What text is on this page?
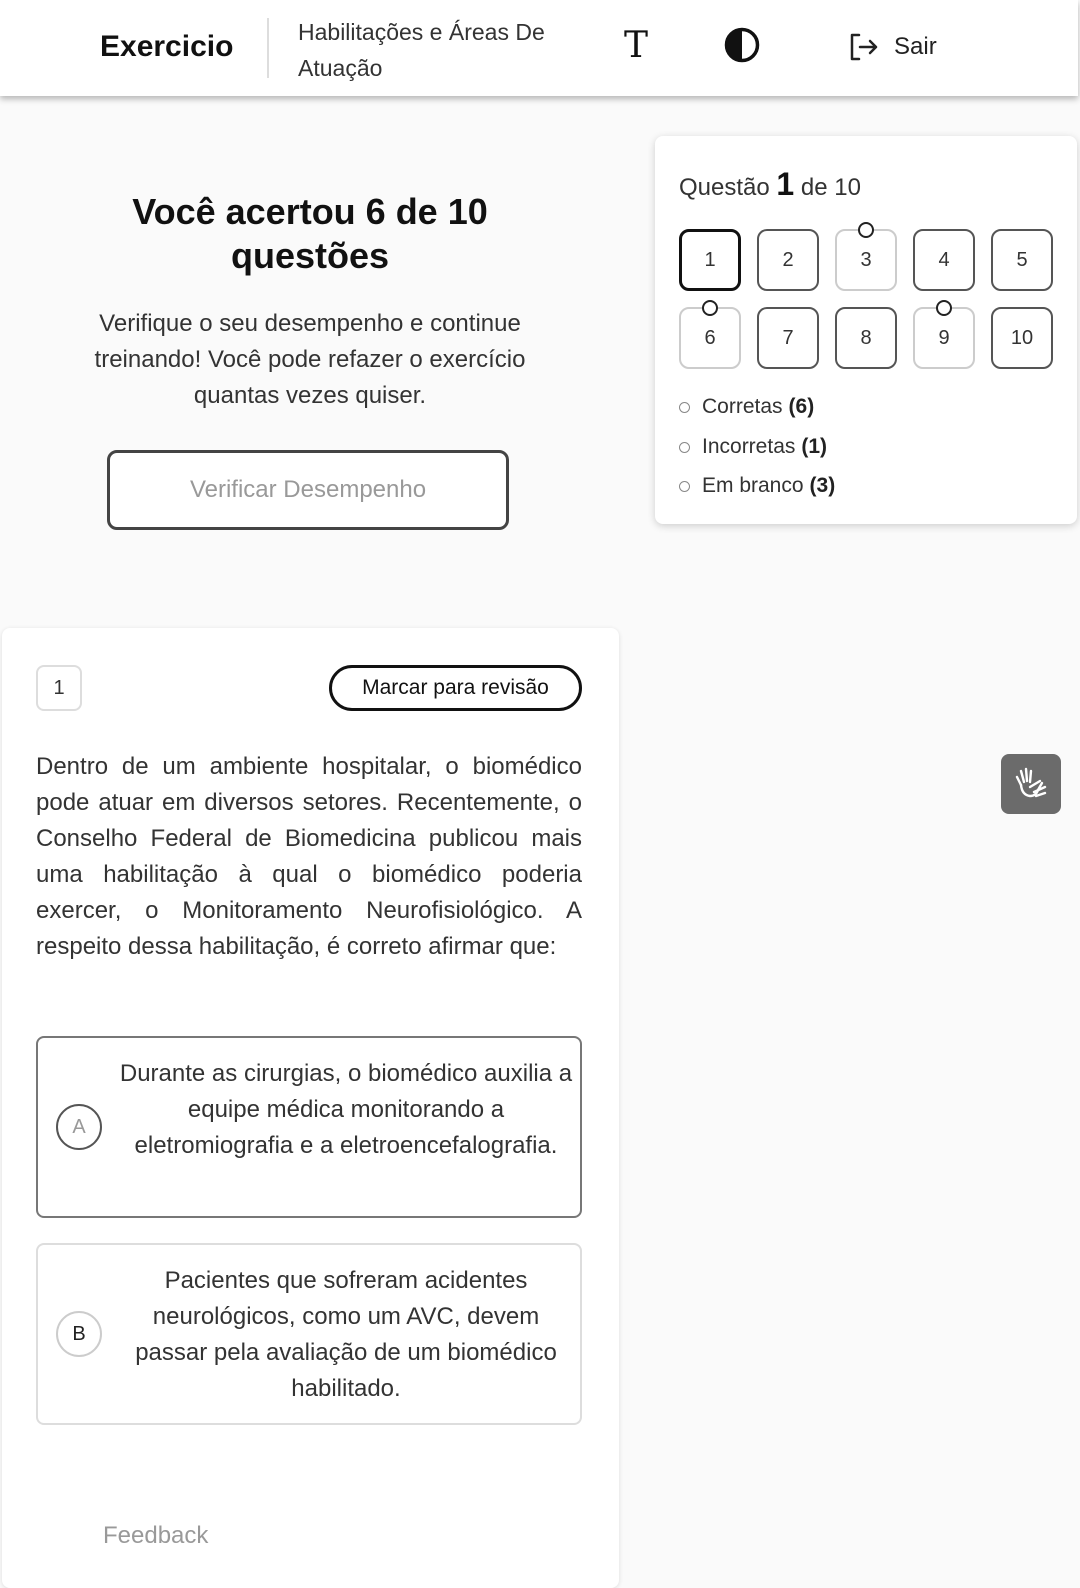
Exercicio	Habilitações e Áreas De Atuação
T	Sair
Você acertou 6 de 10 questões
Verifique o seu desempenho e continue treinando! Você pode refazer o exercício quantas vezes quiser.
Verificar Desempenho
Questão 1 de 10
1	2	3	4	5
6	7	8	9	10
Corretas (6)
Incorretas (1)
Em branco (3)
1	Marcar para revisão

Dentro de um ambiente hospitalar, o biomédico pode atuar em diversos setores. Recentemente, o Conselho Federal de Biomedicina publicou mais uma habilitação à qual o biomédico poderia exercer, o Monitoramento Neurofisiológico. A respeito dessa habilitação, é correto afirmar que:

A
Durante as cirurgias, o biomédico auxilia a equipe médica monitorando a eletromiografia e a eletroencefalografia.
B
Pacientes que sofreram acidentes neurológicos, como um AVC, devem passar pela avaliação de um biomédico habilitado.
Feedback
